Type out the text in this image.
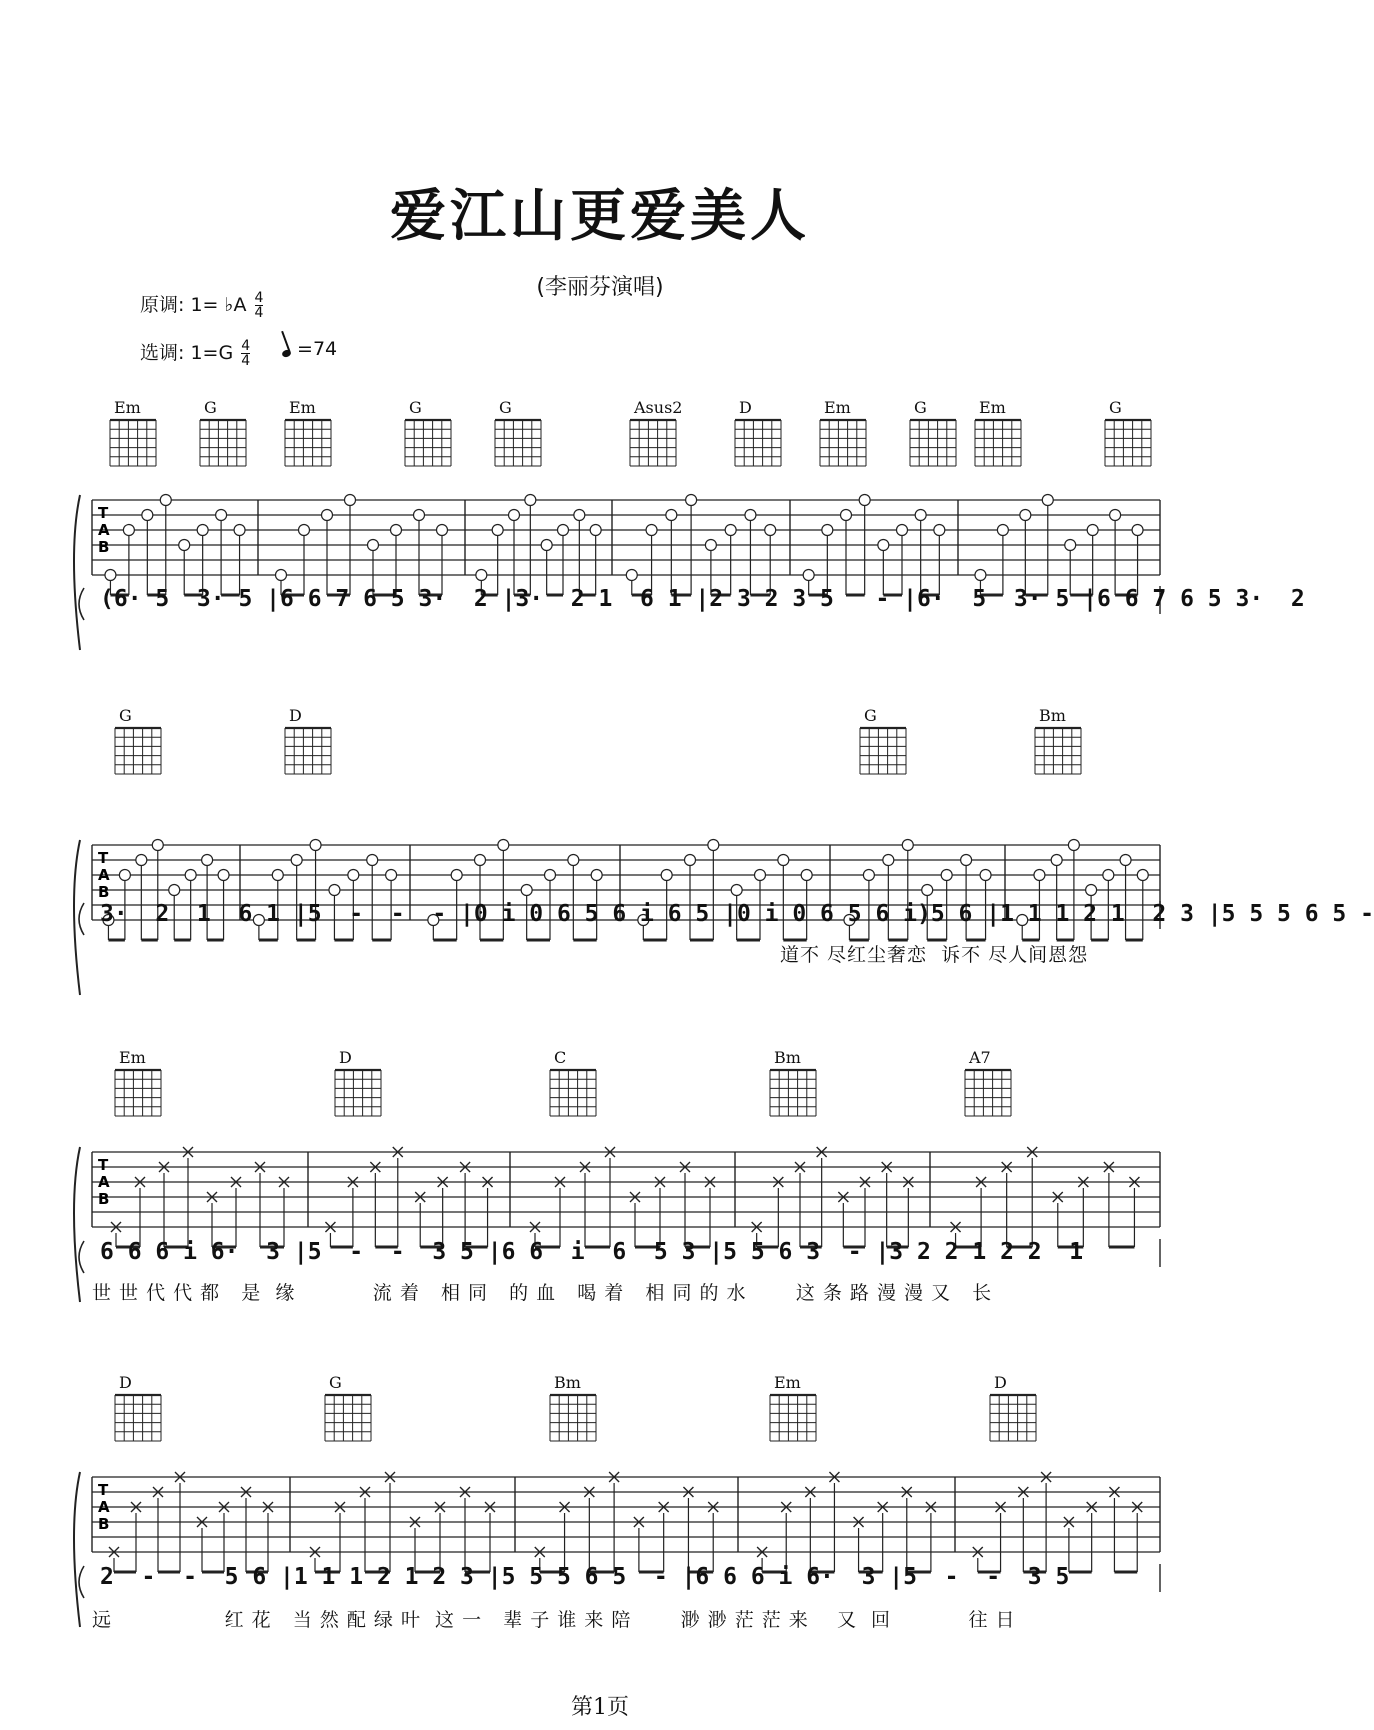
爱江山更爱美人
(李丽芬演唱)
原调: 1= ♭A $\frac{4}{4}$
选调: $1=G \frac{4}{4}$	=74
T
A
B
T
A
B
T
A
B
T
A
B
Em	G	Em	G	G	Asus2	D	Em	G	Em	G
(6· 5  3· 5 |6 6 7 6 5 3·  2 |3·  2 1  6 1 |2 3 2 3 5   - |6·  5  3· 5 |6 6 7 6 5 3·  2
G	D	G	Bm
3·  2  1  6 1 |5  -  -  - |0 i 0 6 5 6 i 6 5 |0 i 0 6 5 6 i)5 6 |1 1 1 2 1  2 3 |5 5 5 6 5 -
道不 尽红尘奢恋  诉不 尽人间恩怨
Em	D	C	Bm	A7
6 6 6 i 6·  3 |5  -  -  3 5 |6 6  i  6  5 3 |5 5 6 3  - |3 2 2 1 2 2  1
世 世 代 代 都   是  缘           流 着   相 同   的 血   喝 着   相 同 的 水       这 条 路 漫 漫 又   长
D	G	Bm	Em	D
2  -  -  5 6 |1 1 1 2 1 2 3 |5 5 5 6 5  - |6 6 6 i 6·  3 |5  -  -  3 5
远                红 花   当 然 配 绿 叶  这 一   辈 子 谁 来 陪       渺 渺 茫 茫 来    又  回           往 日
第1页
